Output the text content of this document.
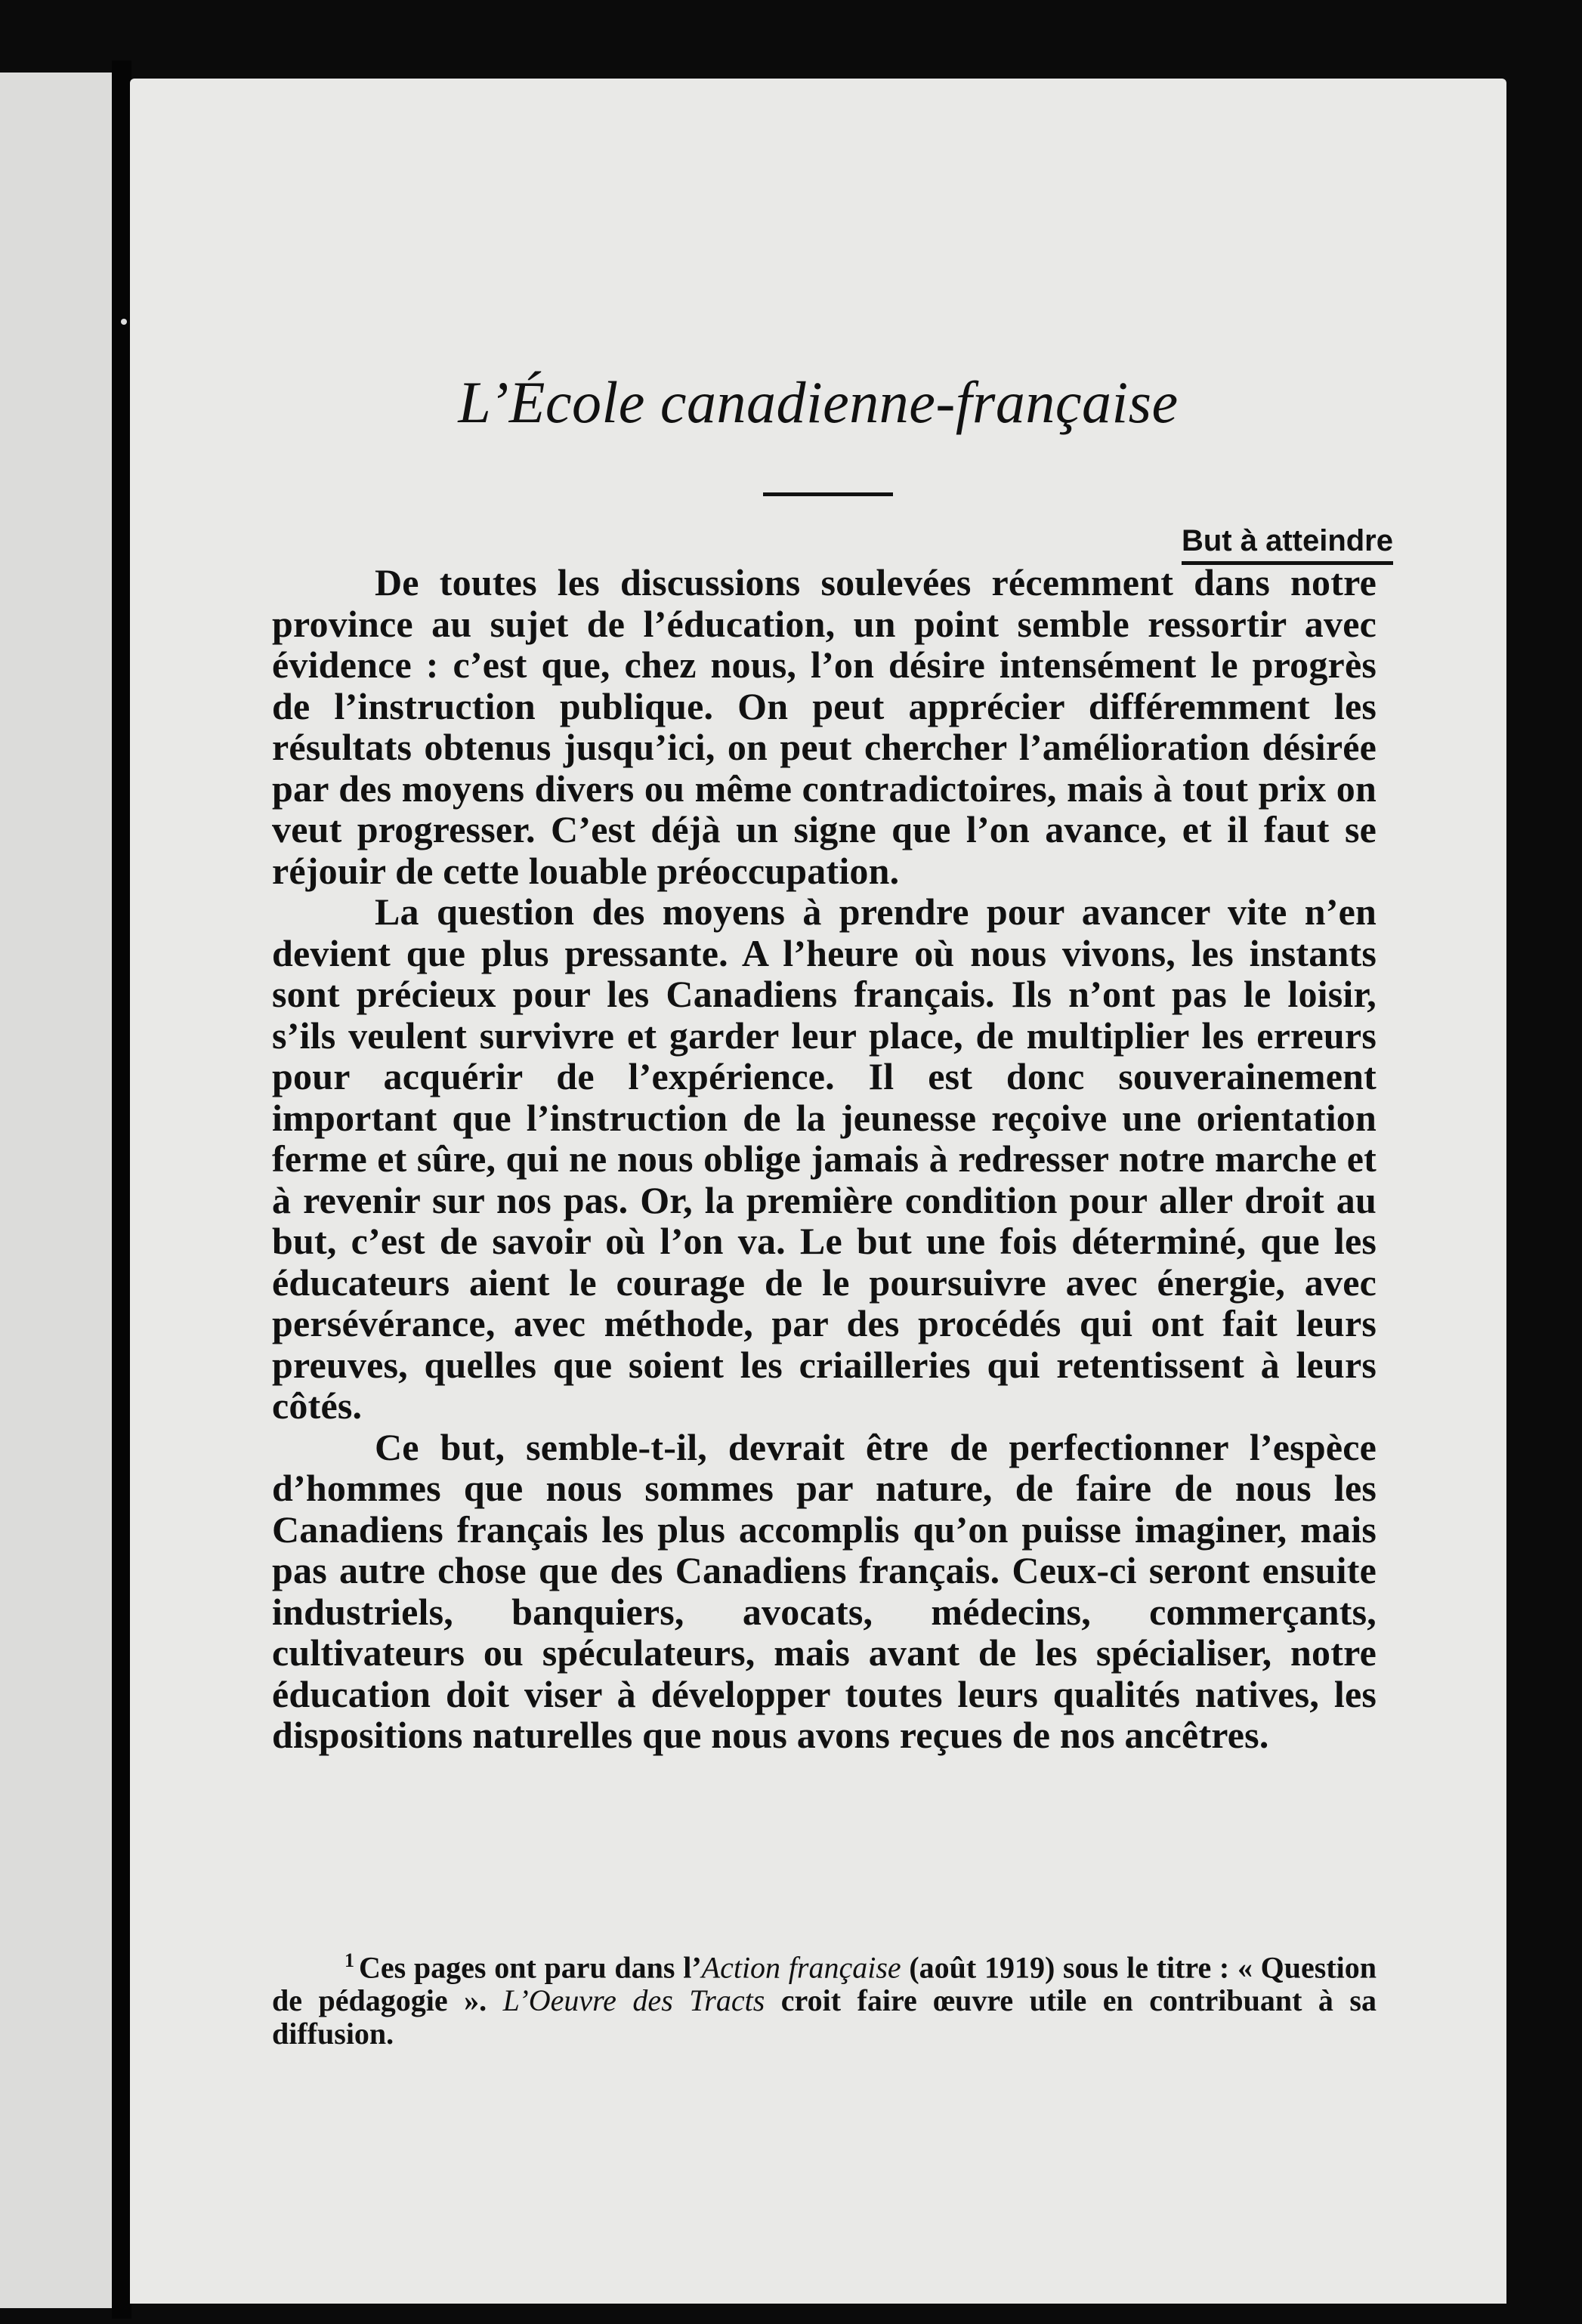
L’École canadienne-française
But à atteindre

De toutes les discussions soulevées récemment dans notre province au sujet de l’éducation, un point semble ressortir avec évidence : c’est que, chez nous, l’on désire intensément le progrès de l’instruction publique. On peut apprécier différemment les résultats obtenus jusqu’ici, on peut chercher l’amélioration désirée par des moyens divers ou même contradictoires, mais à tout prix on veut progresser. C’est déjà un signe que l’on avance, et il faut se réjouir de cette louable préoccupation.

La question des moyens à prendre pour avancer vite n’en devient que plus pressante. A l’heure où nous vivons, les instants sont précieux pour les Canadiens français. Ils n’ont pas le loisir, s’ils veulent survivre et garder leur place, de multiplier les erreurs pour acquérir de l’expérience. Il est donc souverainement important que l’instruction de la jeunesse reçoive une orientation ferme et sûre, qui ne nous oblige jamais à redresser notre marche et à revenir sur nos pas. Or, la première condition pour aller droit au but, c’est de savoir où l’on va. Le but une fois déterminé, que les éducateurs aient le courage de le poursuivre avec énergie, avec persévérance, avec méthode, par des procédés qui ont fait leurs preuves, quelles que soient les criailleries qui retentissent à leurs côtés.

Ce but, semble-t-il, devrait être de perfectionner l’espèce d’hommes que nous sommes par nature, de faire de nous les Canadiens français les plus accomplis qu’on puisse imaginer, mais pas autre chose que des Canadiens français. Ceux-ci seront ensuite industriels, banquiers, avocats, médecins, commerçants, cultivateurs ou spéculateurs, mais avant de les spécialiser, notre éducation doit viser à développer toutes leurs qualités natives, les dispositions naturelles que nous avons reçues de nos ancêtres.

$^1$ Ces pages ont paru dans l’Action française (août 1919) sous le titre : « Question de pédagogie ». L’Oeuvre des Tracts croit faire œuvre utile en contribuant à sa diffusion.
